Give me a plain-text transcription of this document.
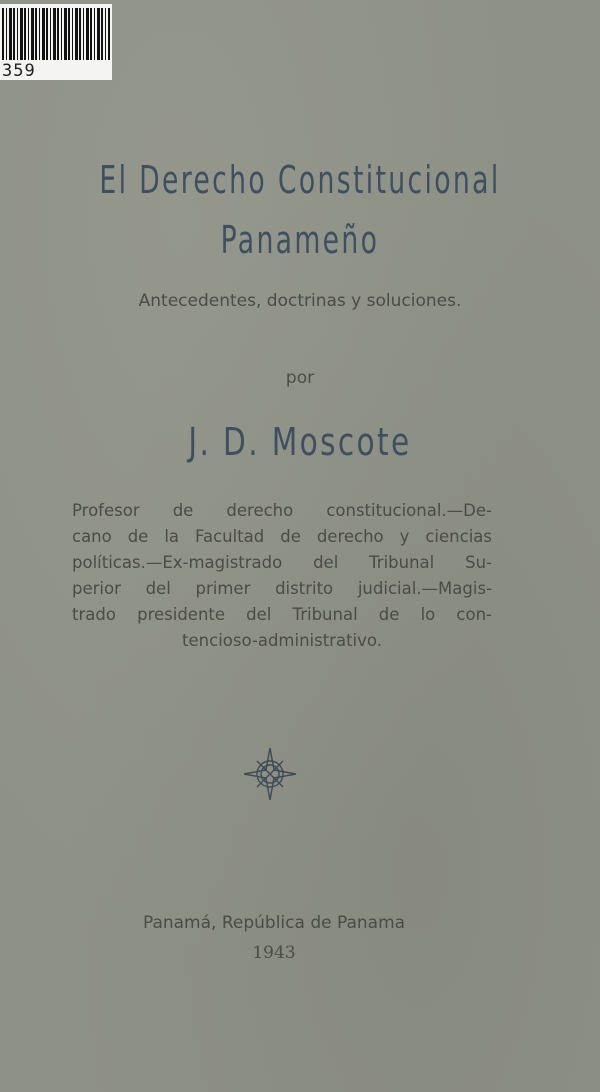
359
El Derecho Constitucional
Panameño
Antecedentes, doctrinas y soluciones.
por
J. D. Moscote
Profesor de derecho constitucional.—De-
cano de la Facultad de derecho y ciencias
políticas.—Ex-magistrado del Tribunal Su-
perior del primer distrito judicial.—Magis-
trado presidente del Tribunal de lo con-
tencioso-administrativo.
Panamá, República de Panama
1943
